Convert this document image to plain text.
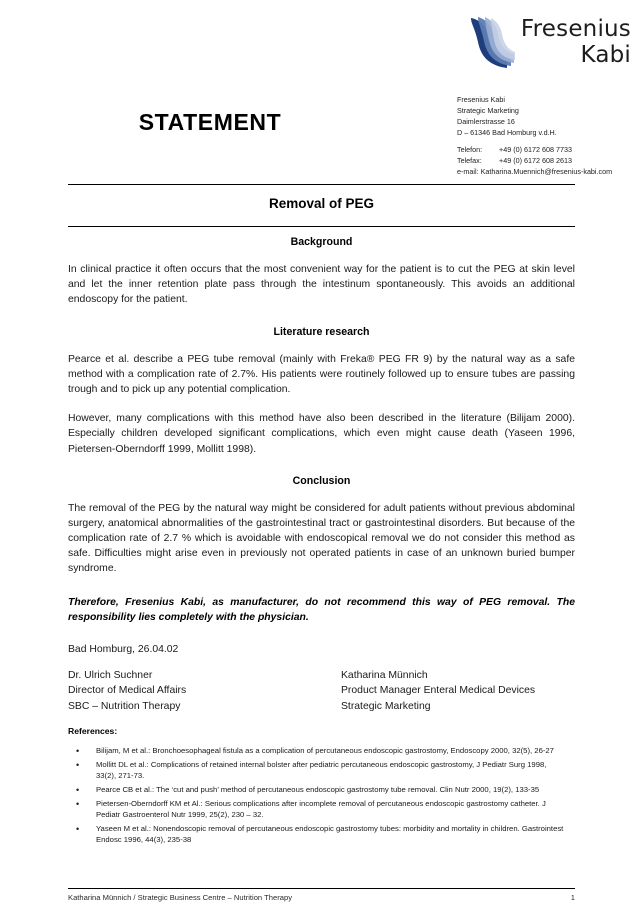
Fresenius
Kabi
STATEMENT
Fresenius Kabi
Strategic Marketing
Daimlerstrasse 16
D – 61346 Bad Homburg v.d.H.
Telefon: +49 (0) 6172 608 7733
Telefax: +49 (0) 6172 608 2613
e-mail: Katharina.Muennich@fresenius-kabi.com
Removal of PEG
Background

In clinical practice it often occurs that the most convenient way for the patient is to cut the PEG at skin level and let the inner retention plate pass through the intestinum spontaneously. This avoids an additional endoscopy for the patient.

Literature research

Pearce et al. describe a PEG tube removal (mainly with Freka® PEG FR 9) by the natural way as a safe method with a complication rate of 2.7%. His patients were routinely followed up to ensure tubes are passing trough and to pick up any potential complication.

However, many complications with this method have also been described in the literature (Bilijam 2000). Especially children developed significant complications, which even might cause death (Yaseen 1996, Pietersen-Oberndorff 1999, Mollitt 1998).

Conclusion

The removal of the PEG by the natural way might be considered for adult patients without previous abdominal surgery, anatomical abnormalities of the gastrointestinal tract or gastrointestinal disorders. But because of the complication rate of 2.7 % which is avoidable with endoscopical removal we do not consider this method as safe. Difficulties might arise even in previously not operated patients in case of an unknown buried bumper syndrome.

Therefore, Fresenius Kabi, as manufacturer, do not recommend this way of PEG removal. The responsibility lies completely with the physician.

Bad Homburg, 26.04.02

Dr. Ulrich Suchner
Director of Medical Affairs
SBC – Nutrition Therapy
Katharina Münnich
Product Manager Enteral Medical Devices
Strategic Marketing
References:
• Bilijam, M et al.: Bronchoesophageal fistula as a complication of percutaneous endoscopic gastrostomy, Endoscopy 2000, 32(5), 26-27
• Mollitt DL et al.: Complications of retained internal bolster after pediatric percutaneous endoscopic gastrostomy, J Pediatr Surg 1998, 33(2), 271-73.
• Pearce CB et al.: The ‘cut and push’ method of percutaneous endoscopic gastrostomy tube removal. Clin Nutr 2000, 19(2), 133-35
• Pietersen-Oberndorff KM et Al.: Serious complications after incomplete removal of percutaneous endoscopic gastrostomy catheter. J Pediatr Gastroenterol Nutr 1999, 25(2), 230 – 32.
• Yaseen M et al.: Nonendoscopic removal of percutaneous endoscopic gastrostomy tubes: morbidity and mortality in children. Gastrointest Endosc 1996, 44(3), 235-38
Katharina Münnich / Strategic Business Centre – Nutrition Therapy	1
